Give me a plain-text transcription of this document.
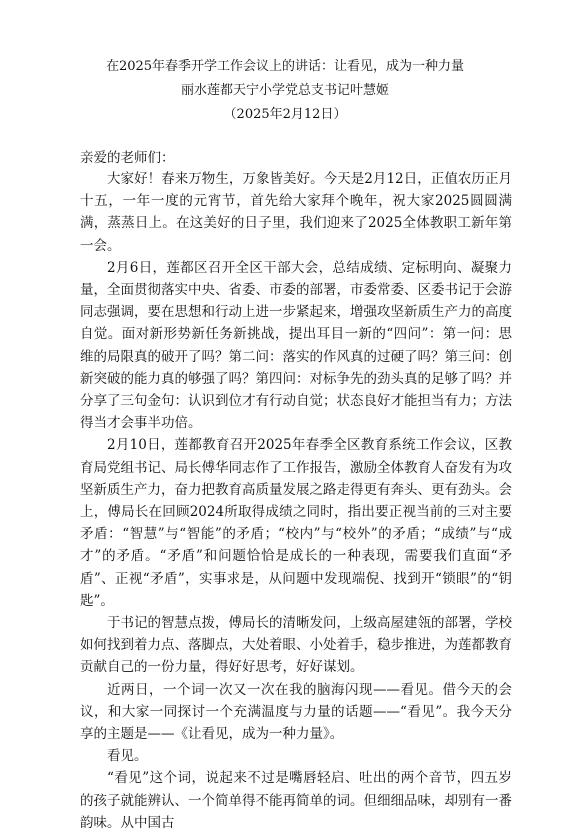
在2025年春季开学工作会议上的讲话：让看见，成为一种力量
丽水莲都天宁小学党总支书记叶慧姬
（2025年2月12日）
亲爱的老师们：

大家好！春来万物生，万象皆美好。今天是2月12日，正值农历正月十五，一年一度的元宵节，首先给大家拜个晚年，祝大家2025圆圆满满，蒸蒸日上。在这美好的日子里，我们迎来了2025全体教职工新年第一会。

2月6日，莲都区召开全区干部大会，总结成绩、定标明向、凝聚力量，全面贯彻落实中央、省委、市委的部署，市委常委、区委书记于会游同志强调，要在思想和行动上进一步紧起来，增强攻坚新质生产力的高度自觉。面对新形势新任务新挑战，提出耳目一新的“四问”：第一问：思维的局限真的破开了吗？第二问：落实的作风真的过硬了吗？第三问：创新突破的能力真的够强了吗？第四问：对标争先的劲头真的足够了吗？并分享了三句金句：认识到位才有行动自觉；状态良好才能担当有力；方法得当才会事半功倍。

2月10日，莲都教育召开2025年春季全区教育系统工作会议，区教育局党组书记、局长傅华同志作了工作报告，激励全体教育人奋发有为攻坚新质生产力，奋力把教育高质量发展之路走得更有奔头、更有劲头。会上，傅局长在回顾2024所取得成绩之同时，指出要正视当前的三对主要矛盾：“智慧”与“智能”的矛盾；“校内”与“校外”的矛盾；“成绩”与“成才”的矛盾。“矛盾”和问题恰恰是成长的一种表现，需要我们直面“矛盾”、正视“矛盾”，实事求是，从问题中发现端倪、找到开“锁眼”的“钥匙”。

于书记的智慧点拨，傅局长的清晰发问，上级高屋建瓴的部署，学校如何找到着力点、落脚点，大处着眼、小处着手，稳步推进，为莲都教育贡献自己的一份力量，得好好思考，好好谋划。

近两日，一个词一次又一次在我的脑海闪现——看见。借今天的会议，和大家一同探讨一个充满温度与力量的话题——“看见”。我今天分享的主题是——《让看见，成为一种力量》。

看见。

“看见”这个词，说起来不过是嘴唇轻启、吐出的两个音节，四五岁的孩子就能辨认、一个简单得不能再简单的词。但细细品味，却别有一番韵味。从中国古
